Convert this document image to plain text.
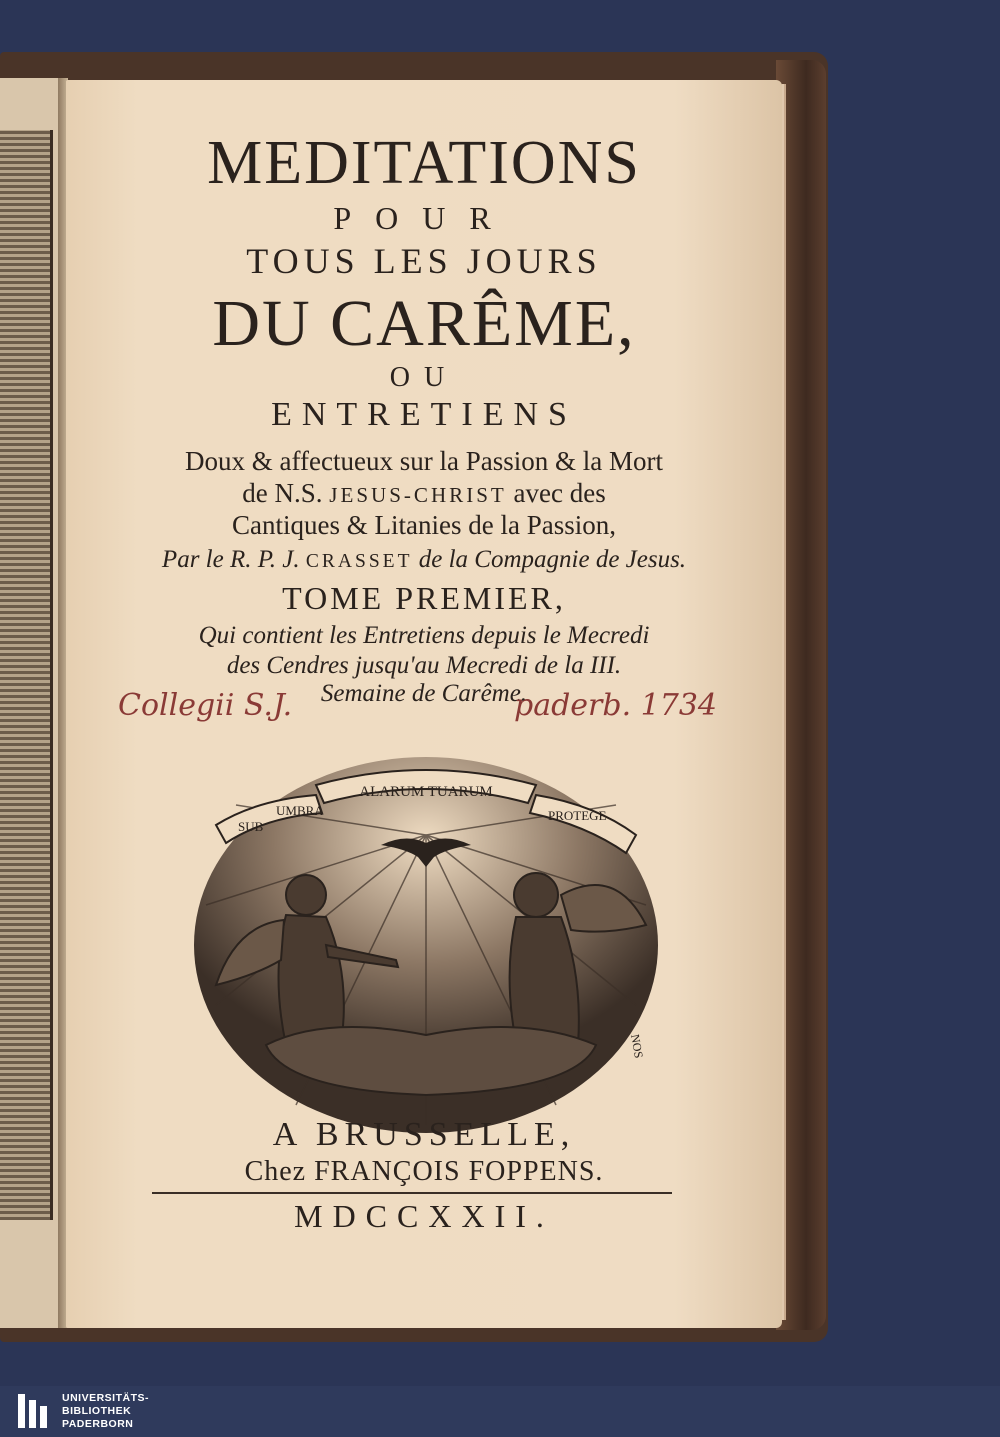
MEDITATIONS
POUR
TOUS LES JOURS
DU CARÊME,
OU
ENTRETIENS
Doux & affectueux sur la Passion & la Mort
de N.S. JESUS-CHRIST avec des
Cantiques & Litanies de la Passion,
Par le R. P. J. CRASSET de la Compagnie de Jesus.
TOME PREMIER,
Qui contient les Entretiens depuis le Mecredi
des Cendres jusqu'au Mecredi de la III.
Semaine de Carême.
Collegii S.J.	paderb. 1734
ALARUM TUARUM
SUB
UMBRA	PROTEGE
NOS
A BRUSSELLE,
Chez FRANÇOIS FOPPENS.
MDCCXXII.
UNIVERSITÄTS-
BIBLIOTHEK
PADERBORN
